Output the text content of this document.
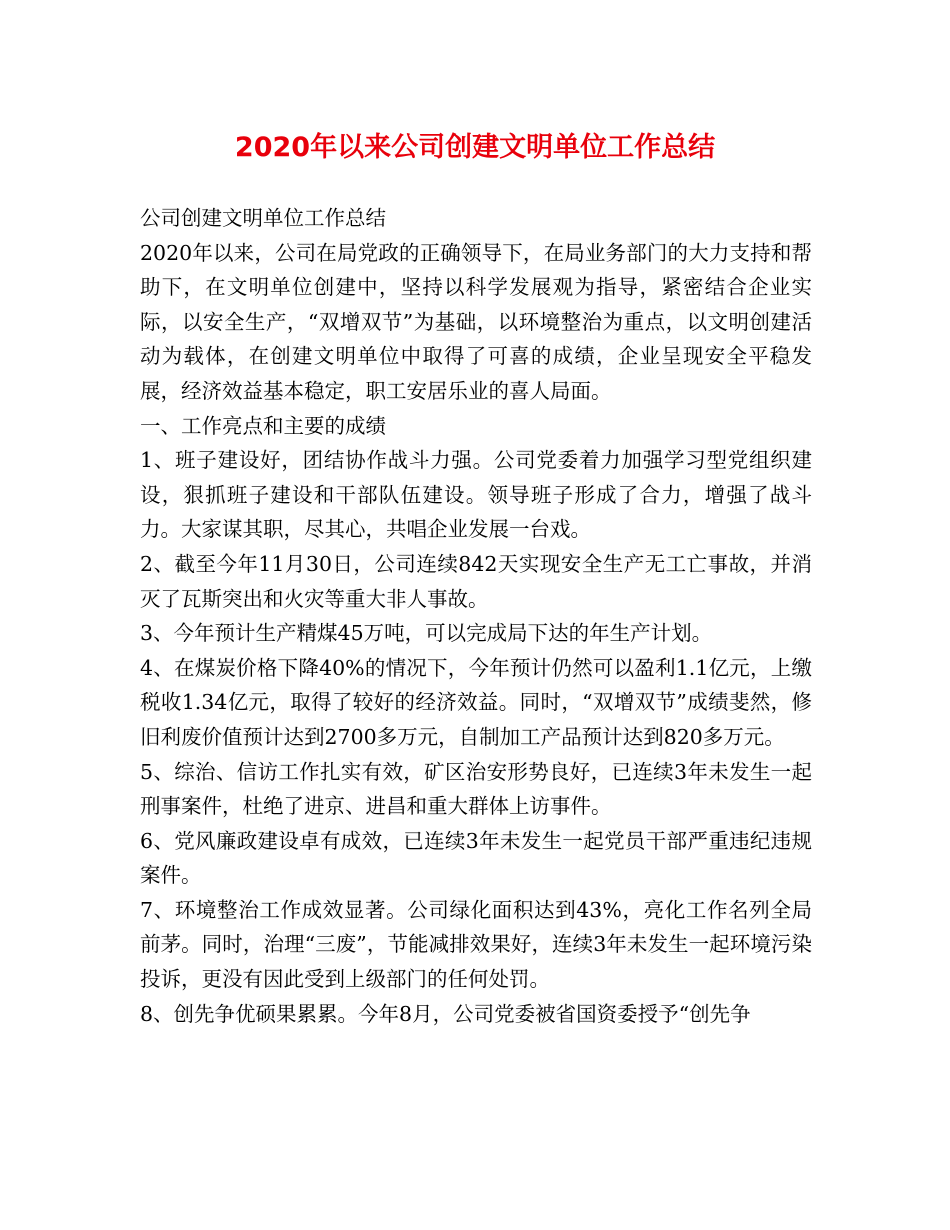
2020年以来公司创建文明单位工作总结

公司创建文明单位工作总结

2020年以来，公司在局党政的正确领导下，在局业务部门的大力支持和帮助下，在文明单位创建中，坚持以科学发展观为指导，紧密结合企业实际，以安全生产，“双增双节”为基础，以环境整治为重点，以文明创建活动为载体，在创建文明单位中取得了可喜的成绩，企业呈现安全平稳发展，经济效益基本稳定，职工安居乐业的喜人局面。

一、工作亮点和主要的成绩

1、班子建设好，团结协作战斗力强。公司党委着力加强学习型党组织建设，狠抓班子建设和干部队伍建设。领导班子形成了合力，增强了战斗力。大家谋其职，尽其心，共唱企业发展一台戏。

2、截至今年11月30日，公司连续842天实现安全生产无工亡事故，并消灭了瓦斯突出和火灾等重大非人事故。

3、今年预计生产精煤45万吨，可以完成局下达的年生产计划。

4、在煤炭价格下降40%的情况下，今年预计仍然可以盈利1.1亿元，上缴税收1.34亿元，取得了较好的经济效益。同时，“双增双节”成绩斐然，修旧利废价值预计达到2700多万元，自制加工产品预计达到820多万元。

5、综治、信访工作扎实有效，矿区治安形势良好，已连续3年未发生一起刑事案件，杜绝了进京、进昌和重大群体上访事件。

6、党风廉政建设卓有成效，已连续3年未发生一起党员干部严重违纪违规案件。

7、环境整治工作成效显著。公司绿化面积达到43%，亮化工作名列全局前茅。同时，治理“三废”，节能减排效果好，连续3年未发生一起环境污染投诉，更没有因此受到上级部门的任何处罚。

8、创先争优硕果累累。今年8月，公司党委被省国资委授予“创先争
